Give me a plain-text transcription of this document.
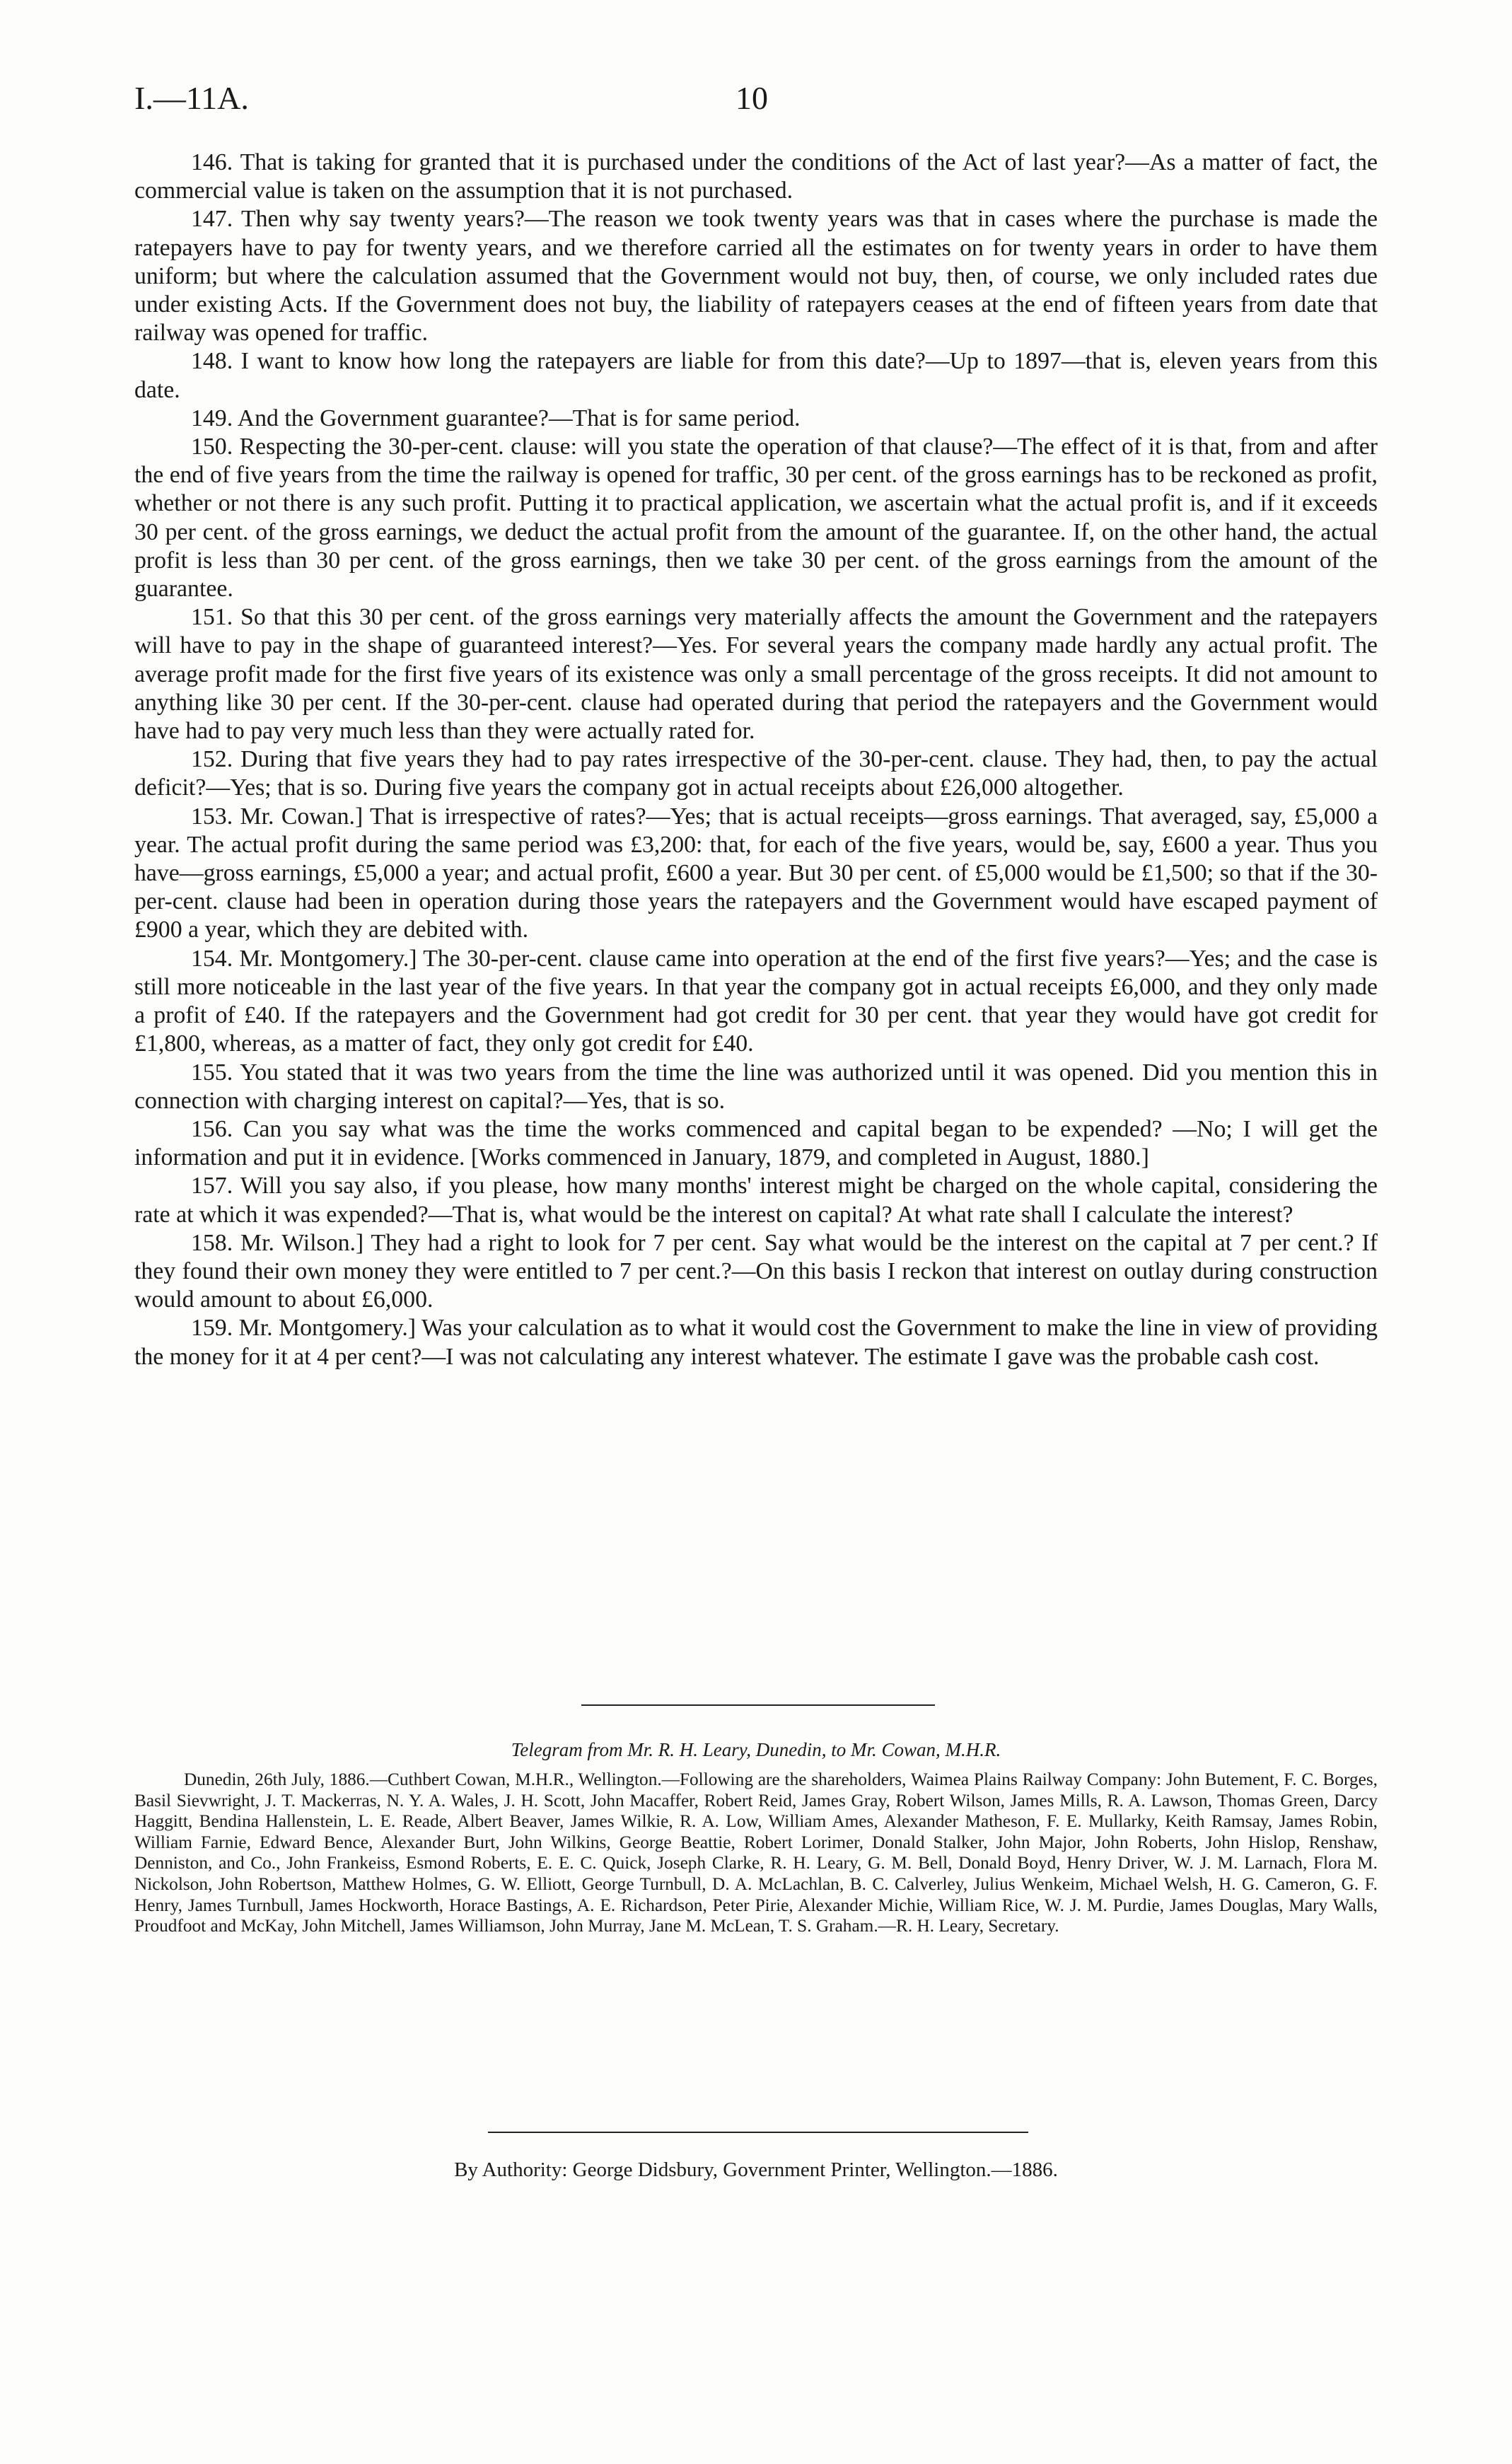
I.—11A.	10

146. That is taking for granted that it is purchased under the conditions of the Act of last year?—As a matter of fact, the commercial value is taken on the assumption that it is not purchased.

147. Then why say twenty years?—The reason we took twenty years was that in cases where the purchase is made the ratepayers have to pay for twenty years, and we therefore carried all the estimates on for twenty years in order to have them uniform; but where the calculation assumed that the Government would not buy, then, of course, we only included rates due under existing Acts. If the Government does not buy, the liability of ratepayers ceases at the end of fifteen years from date that railway was opened for traffic.

148. I want to know how long the ratepayers are liable for from this date?—Up to 1897—that is, eleven years from this date.

149. And the Government guarantee?—That is for same period.

150. Respecting the 30-per-cent. clause: will you state the operation of that clause?—The effect of it is that, from and after the end of five years from the time the railway is opened for traffic, 30 per cent. of the gross earnings has to be reckoned as profit, whether or not there is any such profit. Putting it to practical application, we ascertain what the actual profit is, and if it exceeds 30 per cent. of the gross earnings, we deduct the actual profit from the amount of the guarantee. If, on the other hand, the actual profit is less than 30 per cent. of the gross earnings, then we take 30 per cent. of the gross earnings from the amount of the guarantee.

151. So that this 30 per cent. of the gross earnings very materially affects the amount the Government and the ratepayers will have to pay in the shape of guaranteed interest?—Yes. For several years the company made hardly any actual profit. The average profit made for the first five years of its existence was only a small percentage of the gross receipts. It did not amount to anything like 30 per cent. If the 30-per-cent. clause had operated during that period the ratepayers and the Government would have had to pay very much less than they were actually rated for.

152. During that five years they had to pay rates irrespective of the 30-per-cent. clause. They had, then, to pay the actual deficit?—Yes; that is so. During five years the company got in actual receipts about £26,000 altogether.

153. Mr. Cowan.] That is irrespective of rates?—Yes; that is actual receipts—gross earnings. That averaged, say, £5,000 a year. The actual profit during the same period was £3,200: that, for each of the five years, would be, say, £600 a year. Thus you have—gross earnings, £5,000 a year; and actual profit, £600 a year. But 30 per cent. of £5,000 would be £1,500; so that if the 30-per-cent. clause had been in operation during those years the ratepayers and the Government would have escaped payment of £900 a year, which they are debited with.

154. Mr. Montgomery.] The 30-per-cent. clause came into operation at the end of the first five years?—Yes; and the case is still more noticeable in the last year of the five years. In that year the company got in actual receipts £6,000, and they only made a profit of £40. If the ratepayers and the Government had got credit for 30 per cent. that year they would have got credit for £1,800, whereas, as a matter of fact, they only got credit for £40.

155. You stated that it was two years from the time the line was authorized until it was opened. Did you mention this in connection with charging interest on capital?—Yes, that is so.

156. Can you say what was the time the works commenced and capital began to be expended? —No; I will get the information and put it in evidence. [Works commenced in January, 1879, and completed in August, 1880.]

157. Will you say also, if you please, how many months' interest might be charged on the whole capital, considering the rate at which it was expended?—That is, what would be the interest on capital? At what rate shall I calculate the interest?

158. Mr. Wilson.] They had a right to look for 7 per cent. Say what would be the interest on the capital at 7 per cent.? If they found their own money they were entitled to 7 per cent.?—On this basis I reckon that interest on outlay during construction would amount to about £6,000.

159. Mr. Montgomery.] Was your calculation as to what it would cost the Government to make the line in view of providing the money for it at 4 per cent?—I was not calculating any interest whatever. The estimate I gave was the probable cash cost.

Telegram from Mr. R. H. Leary, Dunedin, to Mr. Cowan, M.H.R.
Dunedin, 26th July, 1886.—Cuthbert Cowan, M.H.R., Wellington.—Following are the shareholders, Waimea Plains Railway Company: John Butement, F. C. Borges, Basil Sievwright, J. T. Mackerras, N. Y. A. Wales, J. H. Scott, John Macaffer, Robert Reid, James Gray, Robert Wilson, James Mills, R. A. Lawson, Thomas Green, Darcy Haggitt, Bendina Hallenstein, L. E. Reade, Albert Beaver, James Wilkie, R. A. Low, William Ames, Alexander Matheson, F. E. Mullarky, Keith Ramsay, James Robin, William Farnie, Edward Bence, Alexander Burt, John Wilkins, George Beattie, Robert Lorimer, Donald Stalker, John Major, John Roberts, John Hislop, Renshaw, Denniston, and Co., John Frankeiss, Esmond Roberts, E. E. C. Quick, Joseph Clarke, R. H. Leary, G. M. Bell, Donald Boyd, Henry Driver, W. J. M. Larnach, Flora M. Nickolson, John Robertson, Matthew Holmes, G. W. Elliott, George Turnbull, D. A. McLachlan, B. C. Calverley, Julius Wenkeim, Michael Welsh, H. G. Cameron, G. F. Henry, James Turnbull, James Hockworth, Horace Bastings, A. E. Richardson, Peter Pirie, Alexander Michie, William Rice, W. J. M. Purdie, James Douglas, Mary Walls, Proudfoot and McKay, John Mitchell, James Williamson, John Murray, Jane M. McLean, T. S. Graham.—R. H. Leary, Secretary.
By Authority: George Didsbury, Government Printer, Wellington.—1886.
